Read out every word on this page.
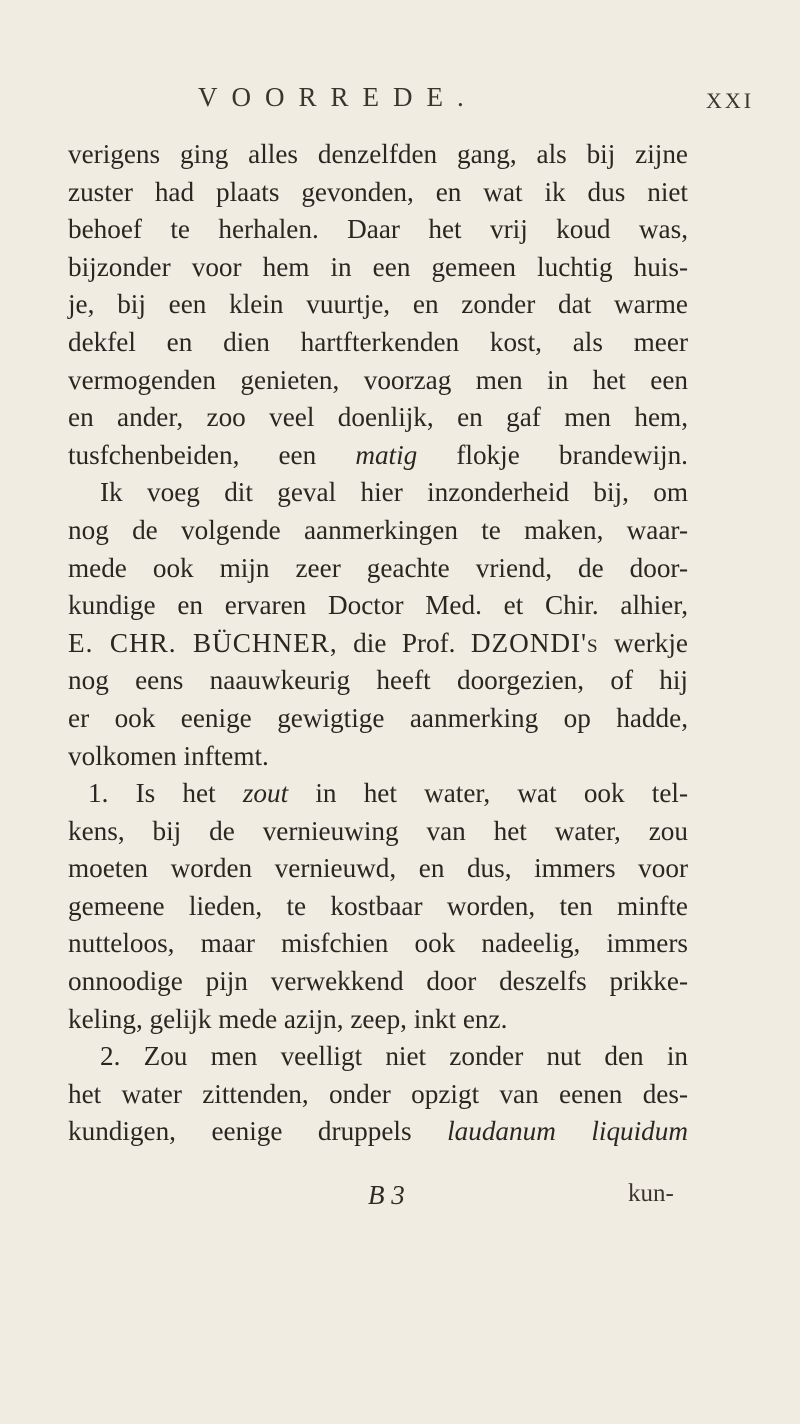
VOORREDE.	XXI
verigens ging alles denzelfden gang, als bij zijne
zuster had plaats gevonden, en wat ik dus niet
behoef te herhalen. Daar het vrij koud was,
bijzonder voor hem in een gemeen luchtig huis-
je, bij een klein vuurtje, en zonder dat warme
dekfel en dien hartfterkenden kost, als meer
vermogenden genieten, voorzag men in het een
en ander, zoo veel doenlijk, en gaf men hem,
tusfchenbeiden, een matig flokje brandewijn.
Ik voeg dit geval hier inzonderheid bij, om
nog de volgende aanmerkingen te maken, waar-
mede ook mijn zeer geachte vriend, de door-
kundige en ervaren Doctor Med. et Chir. alhier,
E. CHR. BÜCHNER, die Prof. DZONDI's werkje
nog eens naauwkeurig heeft doorgezien, of hij
er ook eenige gewigtige aanmerking op hadde,
volkomen inftemt.
1. Is het zout in het water, wat ook tel-
kens, bij de vernieuwing van het water, zou
moeten worden vernieuwd, en dus, immers voor
gemeene lieden, te kostbaar worden, ten minfte
nutteloos, maar misfchien ook nadeelig, immers
onnoodige pijn verwekkend door deszelfs prikke-
keling, gelijk mede azijn, zeep, inkt enz.
2. Zou men veelligt niet zonder nut den in
het water zittenden, onder opzigt van eenen des-
kundigen, eenige druppels laudanum liquidum
B 3	kun-
